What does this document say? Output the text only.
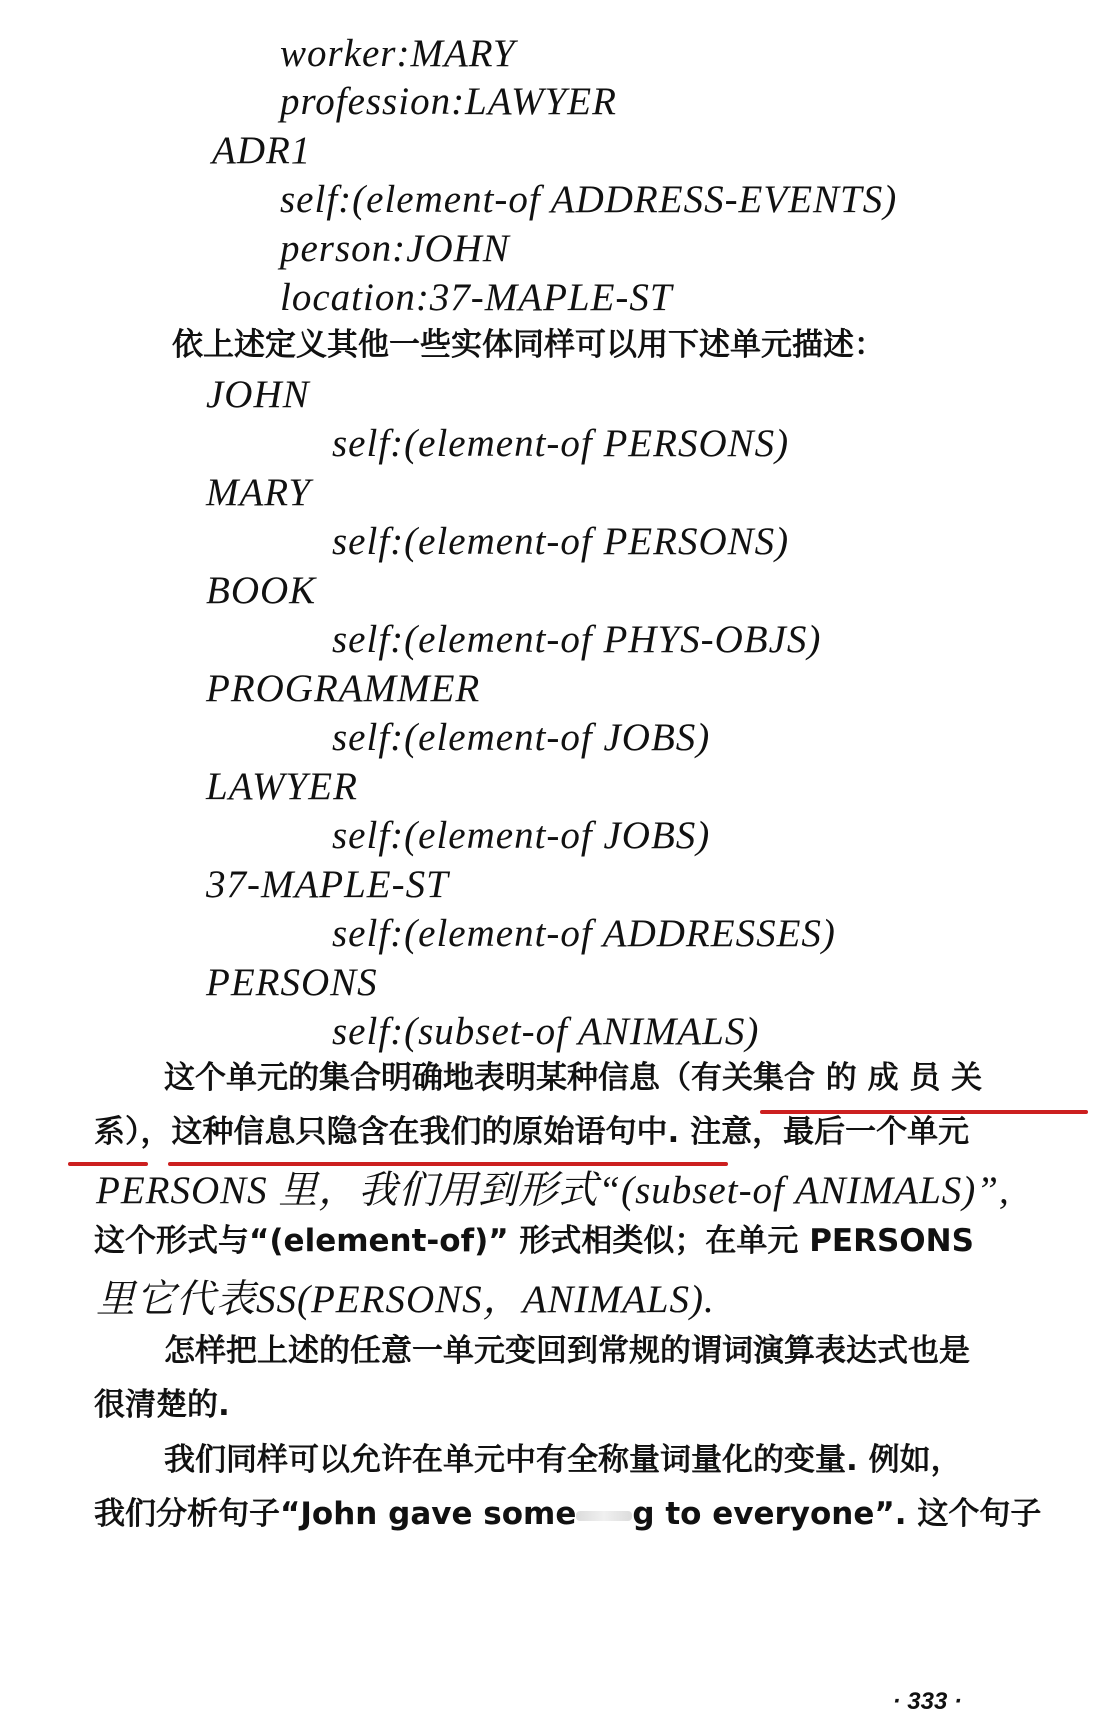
worker:MARY
profession:LAWYER
ADR1
self:(element-of ADDRESS-EVENTS)
person:JOHN
location:37-MAPLE-ST
依上述定义其他一些实体同样可以用下述单元描述：
JOHN
self:(element-of PERSONS)
MARY
self:(element-of PERSONS)
BOOK
self:(element-of PHYS-OBJS)
PROGRAMMER
self:(element-of JOBS)
LAWYER
self:(element-of JOBS)
37-MAPLE-ST
self:(element-of ADDRESSES)
PERSONS
self:(subset-of ANIMALS)
这个单元的集合明确地表明某种信息（有关集合 的 成 员 关
系），这种信息只隐含在我们的原始语句中. 注意，最后一个单元
PERSONS 里，我们用到形式“(subset-of ANIMALS)”,
这个形式与“(element-of)” 形式相类似；在单元 PERSONS
里它代表SS(PERSONS，ANIMALS).
怎样把上述的任意一单元变回到常规的谓词演算表达式也是
很清楚的.
我们同样可以允许在单元中有全称量词量化的变量. 例如，
我们分析句子“John gave some g to everyone”. 这个句子
· 333 ·
